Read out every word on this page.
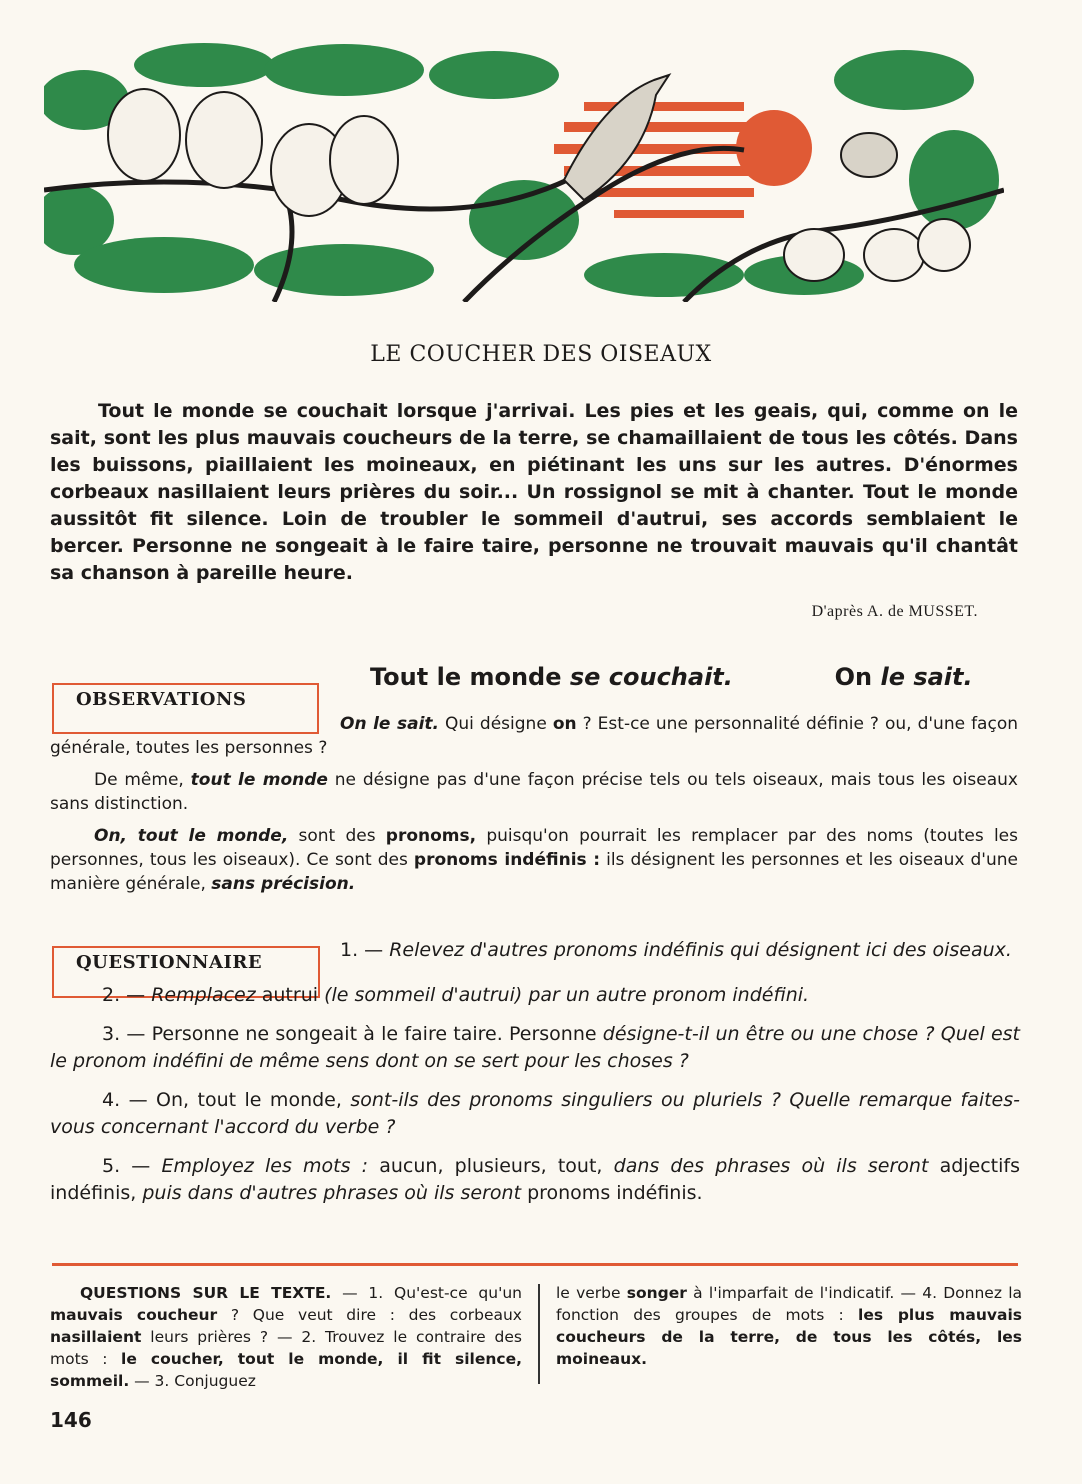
LE COUCHER DES OISEAUX

Tout le monde se couchait lorsque j'arrivai. Les pies et les geais, qui, comme on le sait, sont les plus mauvais coucheurs de la terre, se chamaillaient de tous les côtés. Dans les buissons, piaillaient les moineaux, en piétinant les uns sur les autres. D'énormes corbeaux nasillaient leurs prières du soir... Un rossignol se mit à chanter. Tout le monde aussitôt fit silence. Loin de troubler le sommeil d'autrui, ses accords semblaient le bercer. Personne ne songeait à le faire taire, personne ne trouvait mauvais qu'il chantât sa chanson à pareille heure.

D'après A. de MUSSET.
OBSERVATIONS
Tout le monde se couchait.	On le sait.

On le sait. Qui désigne on ? Est-ce une personnalité définie ? ou, d'une façon générale, toutes les personnes ?

De même, tout le monde ne désigne pas d'une façon précise tels ou tels oiseaux, mais tous les oiseaux sans distinction.

On, tout le monde, sont des pronoms, puisqu'on pourrait les remplacer par des noms (toutes les personnes, tous les oiseaux). Ce sont des pronoms indéfinis : ils désignent les personnes et les oiseaux d'une manière générale, sans précision.

QUESTIONNAIRE

1. — Relevez d'autres pronoms indéfinis qui désignent ici des oiseaux.

2. — Remplacez autrui (le sommeil d'autrui) par un autre pronom indéfini.

3. — Personne ne songeait à le faire taire. Personne désigne-t-il un être ou une chose ? Quel est le pronom indéfini de même sens dont on se sert pour les choses ?

4. — On, tout le monde, sont-ils des pronoms singuliers ou pluriels ? Quelle remarque faites-vous concernant l'accord du verbe ?

5. — Employez les mots : aucun, plusieurs, tout, dans des phrases où ils seront adjectifs indéfinis, puis dans d'autres phrases où ils seront pronoms indéfinis.

QUESTIONS SUR LE TEXTE. — 1. Qu'est-ce qu'un mauvais coucheur ? Que veut dire : des corbeaux nasillaient leurs prières ? — 2. Trouvez le contraire des mots : le coucher, tout le monde, il fit silence, sommeil. — 3. Conjuguez

le verbe songer à l'imparfait de l'indicatif. — 4. Donnez la fonction des groupes de mots : les plus mauvais coucheurs de la terre, de tous les côtés, les moineaux.

146
